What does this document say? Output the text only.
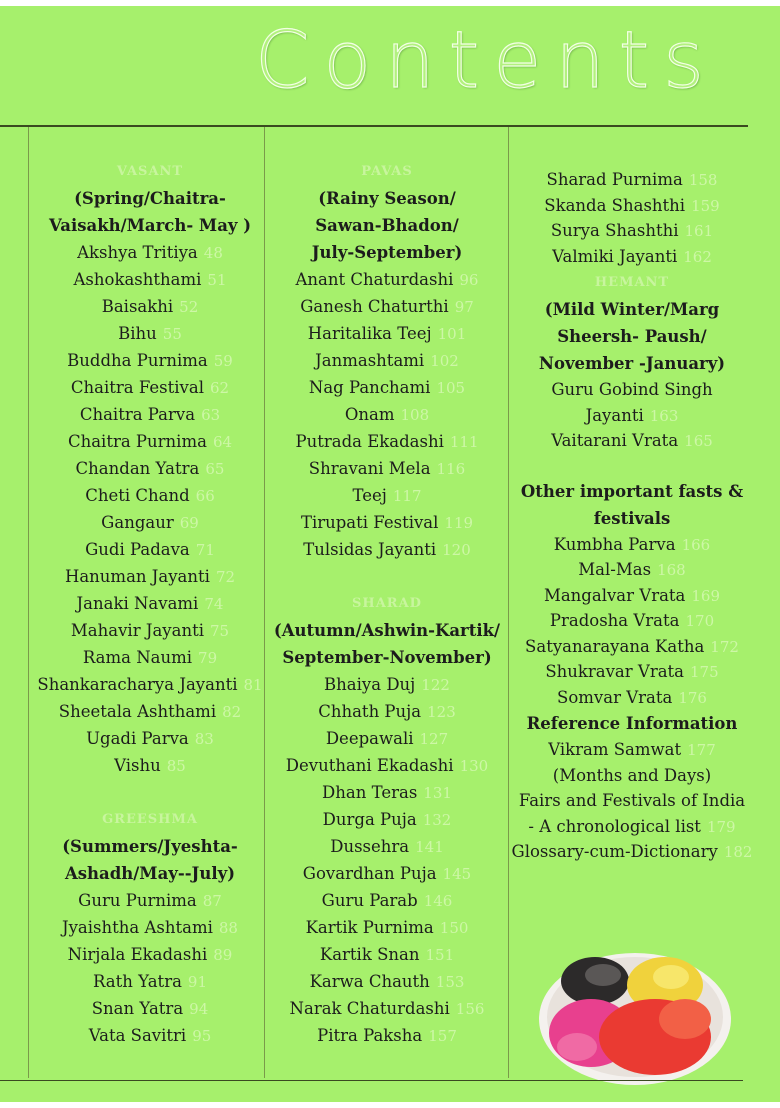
Contents
VASANT
(Spring/Chaitra-
Vaisakh/March- May )
Akshya Tritiya 48
Ashokashthami 51
Baisakhi 52
Bihu 55
Buddha Purnima 59
Chaitra Festival 62
Chaitra Parva 63
Chaitra Purnima 64
Chandan Yatra 65
Cheti Chand 66
Gangaur 69
Gudi Padava 71
Hanuman Jayanti 72
Janaki Navami 74
Mahavir Jayanti 75
Rama Naumi 79
Shankaracharya Jayanti 81
Sheetala Ashthami 82
Ugadi Parva 83
Vishu 85
GREESHMA
(Summers/Jyeshta-
Ashadh/May--July)
Guru Purnima 87
Jyaishtha Ashtami 88
Nirjala Ekadashi 89
Rath Yatra 91
Snan Yatra 94
Vata Savitri 95
PAVAS
(Rainy Season/
Sawan-Bhadon/
July-September)
Anant Chaturdashi 96
Ganesh Chaturthi 97
Haritalika Teej 101
Janmashtami 102
Nag Panchami 105
Onam 108
Putrada Ekadashi 111
Shravani Mela 116
Teej 117
Tirupati Festival 119
Tulsidas Jayanti 120
SHARAD
(Autumn/Ashwin-Kartik/
September-November)
Bhaiya Duj 122
Chhath Puja 123
Deepawali 127
Devuthani Ekadashi 130
Dhan Teras 131
Durga Puja 132
Dussehra 141
Govardhan Puja 145
Guru Parab 146
Kartik Purnima 150
Kartik Snan 151
Karwa Chauth 153
Narak Chaturdashi 156
Pitra Paksha 157
Sharad Purnima 158
Skanda Shashthi 159
Surya Shashthi 161
Valmiki Jayanti 162
HEMANT
(Mild Winter/Marg
Sheersh- Paush/
November -January)
Guru Gobind Singh
Jayanti 163
Vaitarani Vrata 165
Other important fasts &
festivals
Kumbha Parva 166
Mal-Mas 168
Mangalvar Vrata 169
Pradosha Vrata 170
Satyanarayana Katha 172
Shukravar Vrata 175
Somvar Vrata 176
Reference Information
Vikram Samwat 177
(Months and Days)
Fairs and Festivals of India
- A chronological list 179
Glossary-cum-Dictionary 182
